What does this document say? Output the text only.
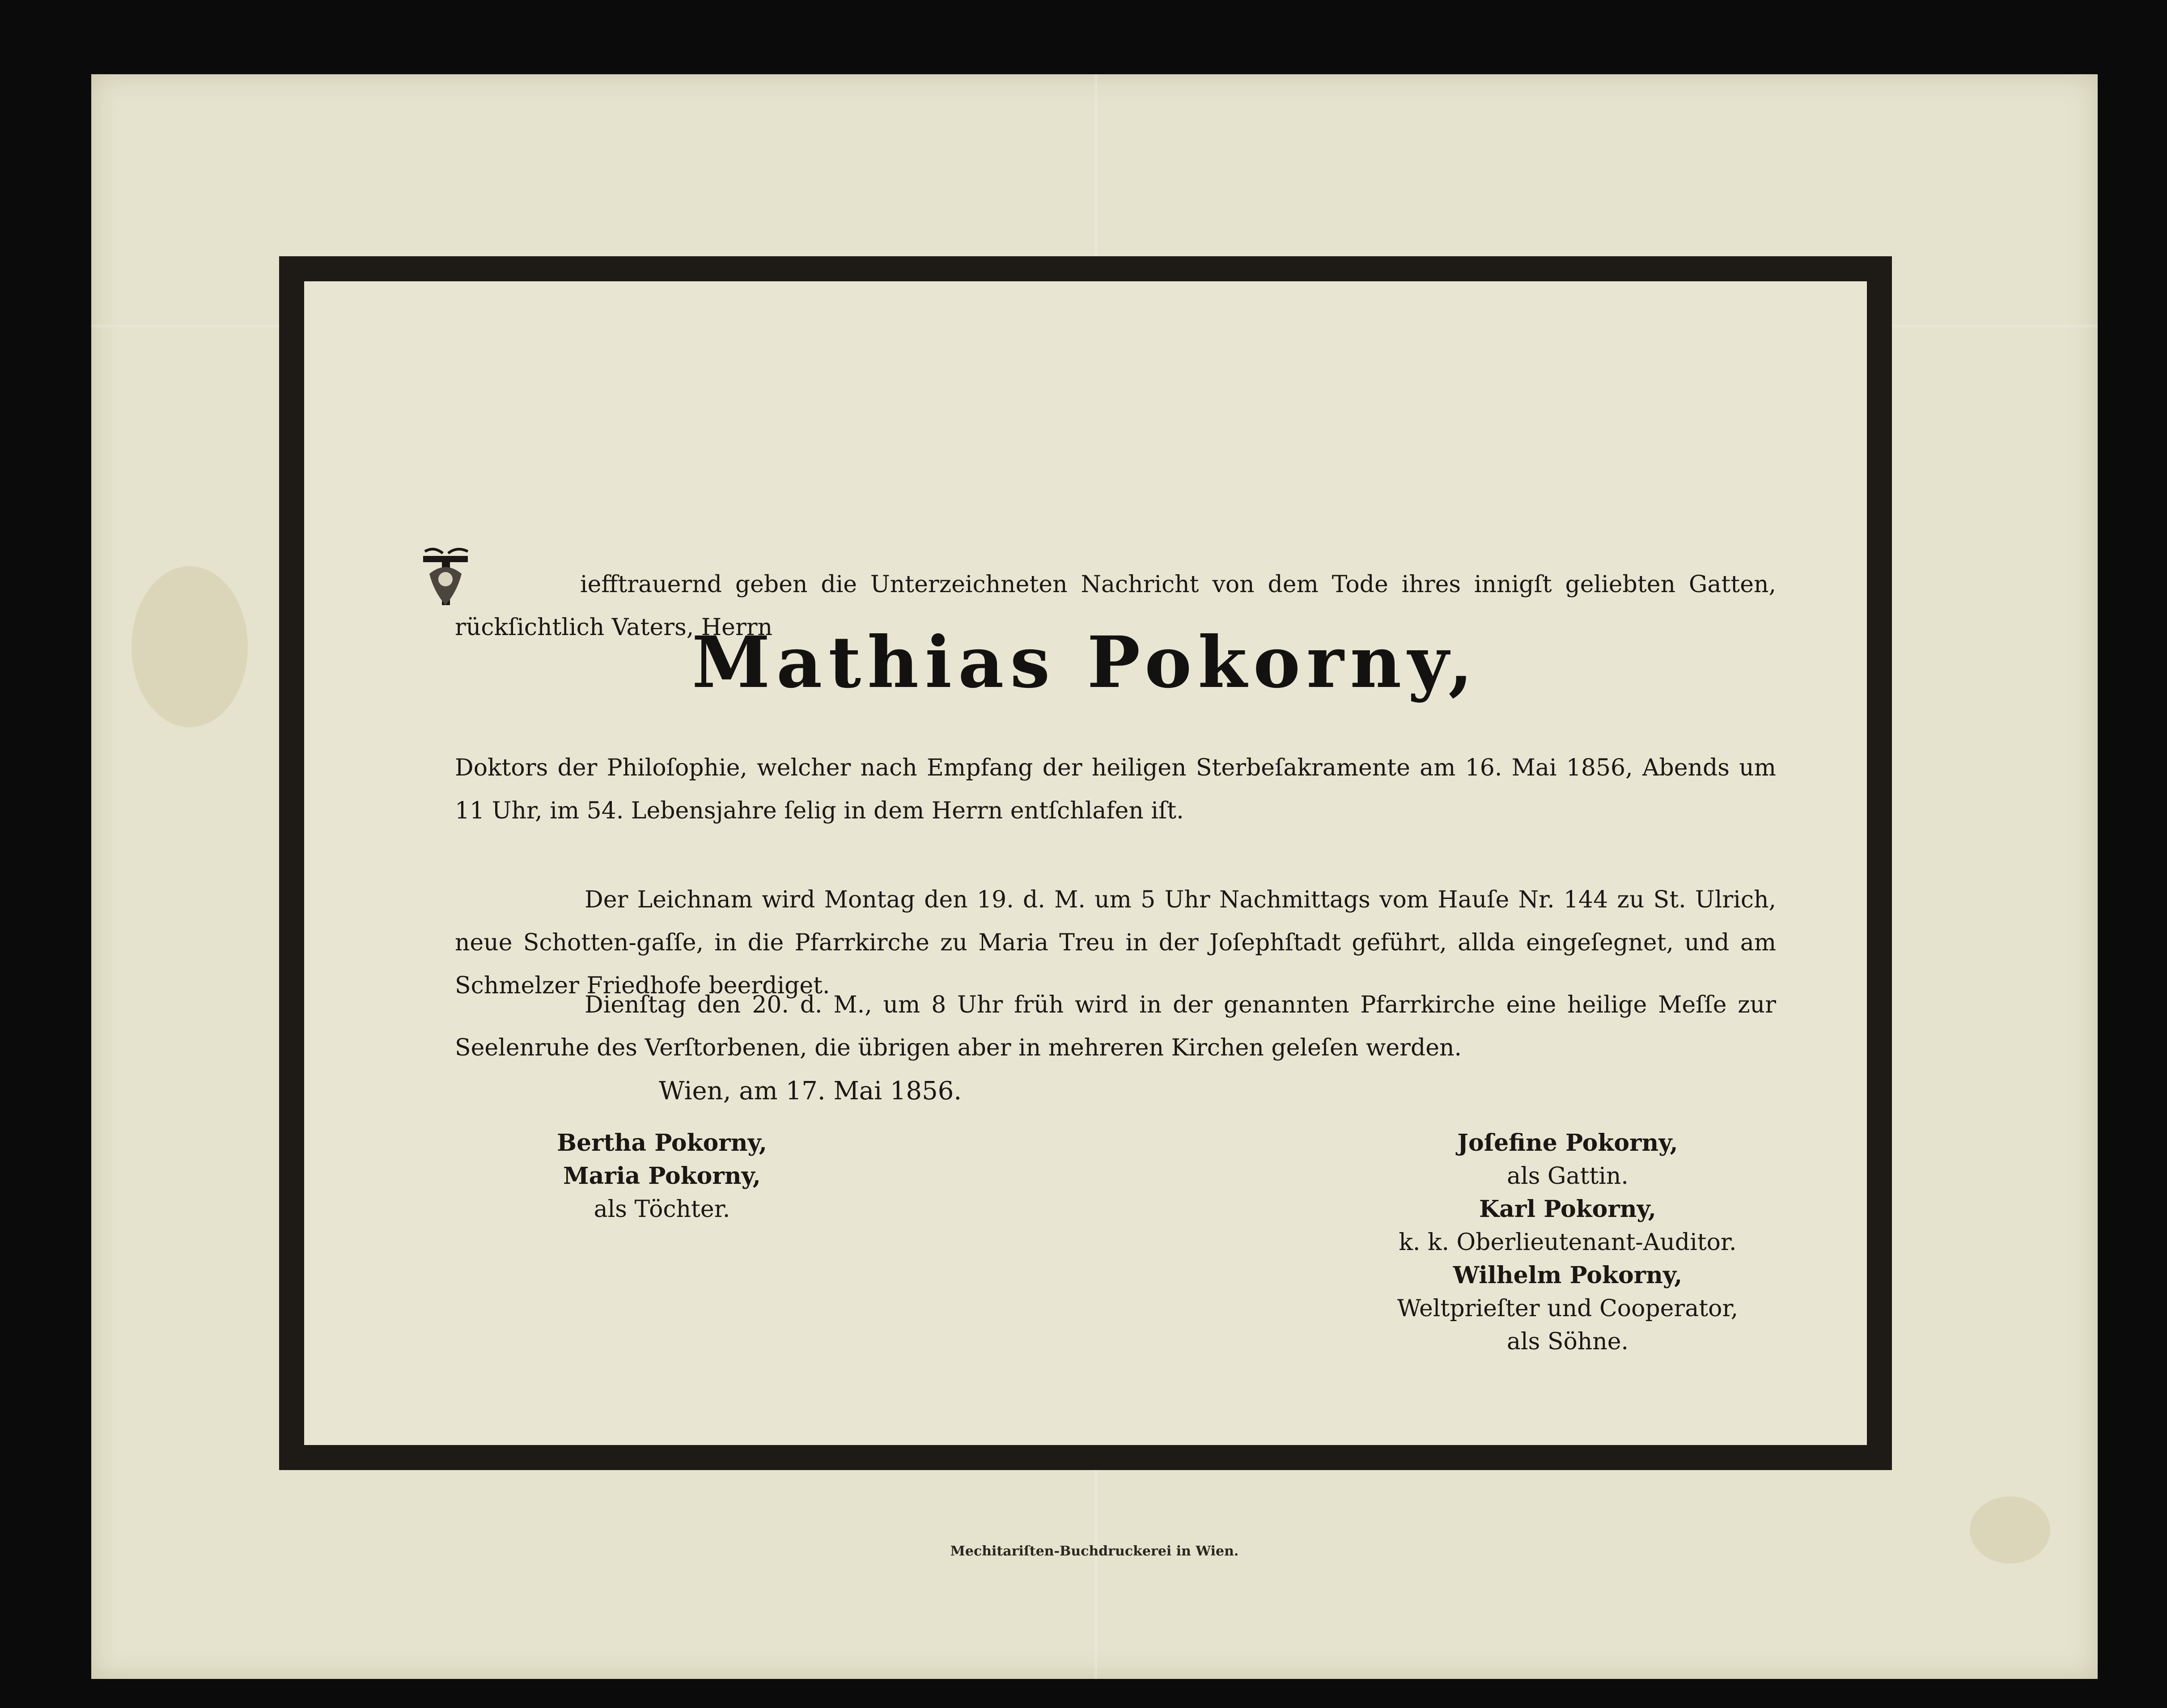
iefftrauernd geben die Unterzeichneten Nachricht von dem Tode ihres innigſt geliebten Gatten, rückſichtlich Vaters, Herrn
Mathias Pokorny,
Doktors der Philoſophie, welcher nach Empfang der heiligen Sterbeſakramente am 16. Mai 1856, Abends um 11 Uhr, im 54. Lebensjahre ſelig in dem Herrn entſchlafen iſt.
Der Leichnam wird Montag den 19. d. M. um 5 Uhr Nachmittags vom Hauſe Nr. 144 zu St. Ulrich, neue Schotten-gaſſe, in die Pfarrkirche zu Maria Treu in der Joſephſtadt geführt, allda eingeſegnet, und am Schmelzer Friedhofe beerdiget.
Dienſtag den 20. d. M., um 8 Uhr früh wird in der genannten Pfarrkirche eine heilige Meſſe zur Seelenruhe des Verſtorbenen, die übrigen aber in mehreren Kirchen geleſen werden.
Wien, am 17. Mai 1856.
Bertha Pokorny,
Maria Pokorny,
als Töchter.
Joſefine Pokorny,
als Gattin.
Karl Pokorny,
k. k. Oberlieutenant-Auditor.
Wilhelm Pokorny,
Weltprieſter und Cooperator,
als Söhne.
Mechitariſten-Buchdruckerei in Wien.
